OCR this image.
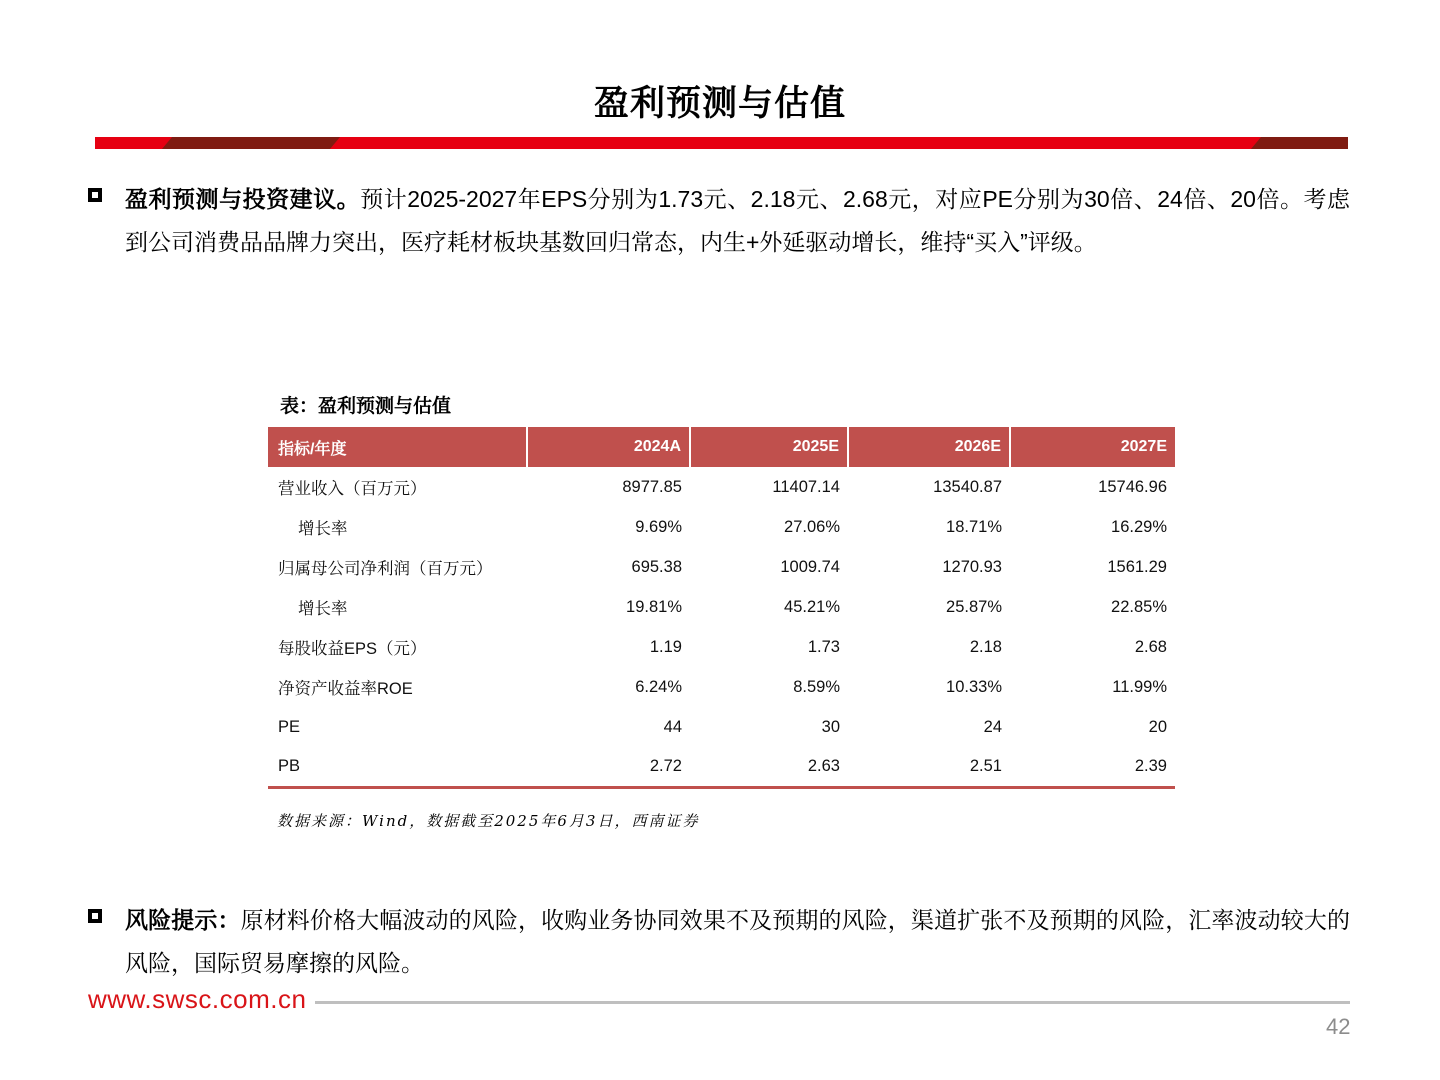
盈利预测与估值
盈利预测与投资建议。预计2025-2027年EPS分别为1.73元、2.18元、2.68元，对应PE分别为30倍、24倍、20倍。考虑到公司消费品品牌力突出，医疗耗材板块基数回归常态，内生+外延驱动增长，维持“买入”评级。
表：盈利预测与估值
指标/年度	2024A	2025E	2026E	2027E
营业收入（百万元）	8977.85	11407.14	13540.87	15746.96
增长率	9.69%	27.06%	18.71%	16.29%
归属母公司净利润（百万元）	695.38	1009.74	1270.93	1561.29
增长率	19.81%	45.21%	25.87%	22.85%
每股收益EPS（元）	1.19	1.73	2.18	2.68
净资产收益率ROE	6.24%	8.59%	10.33%	11.99%
PE	44	30	24	20
PB	2.72	2.63	2.51	2.39
数据来源：Wind，数据截至2025年6月3日，西南证券
风险提示：原材料价格大幅波动的风险，收购业务协同效果不及预期的风险，渠道扩张不及预期的风险，汇率波动较大的风险，国际贸易摩擦的风险。
www.swsc.com.cn
42
